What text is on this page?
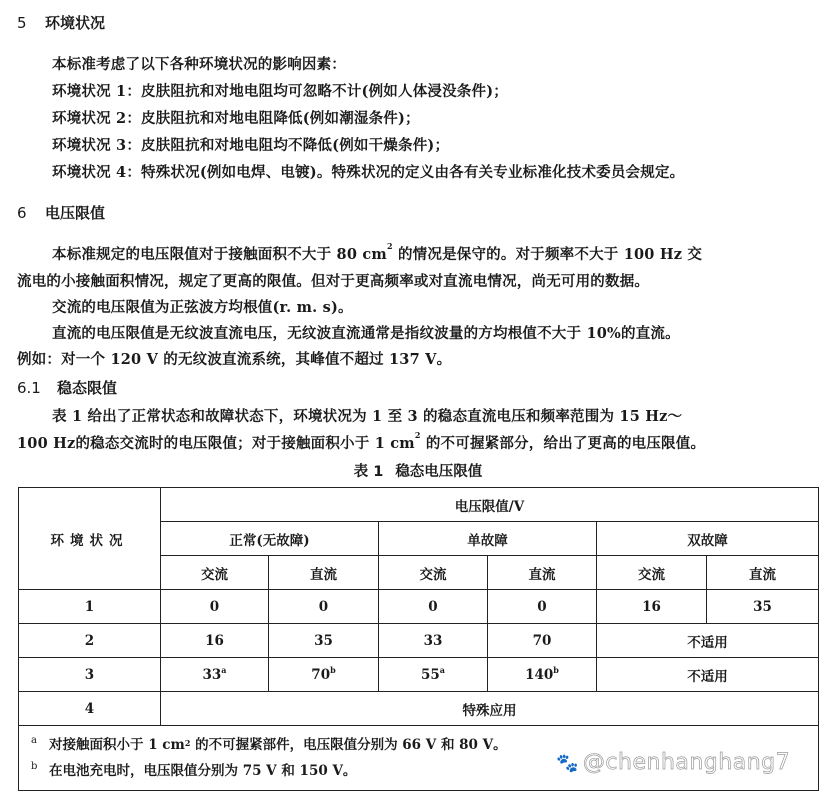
5 环境状况
本标准考虑了以下各种环境状况的影响因素：
环境状况 1：皮肤阻抗和对地电阻均可忽略不计(例如人体浸没条件)；
环境状况 2：皮肤阻抗和对地电阻降低(例如潮湿条件)；
环境状况 3：皮肤阻抗和对地电阻均不降低(例如干燥条件)；
环境状况 4：特殊状况(例如电焊、电镀)。特殊状况的定义由各有关专业标准化技术委员会规定。
6 电压限值
本标准规定的电压限值对于接触面积不大于 80 $cm^2$ 的情况是保守的。对于频率不大于 100 Hz 交
流电的小接触面积情况，规定了更高的限值。但对于更高频率或对直流电情况，尚无可用的数据。
交流的电压限值为正弦波方均根值(r. m. s)。
直流的电压限值是无纹波直流电压，无纹波直流通常是指纹波量的方均根值不大于 10%的直流。
例如：对一个 120 V 的无纹波直流系统，其峰值不超过 137 V。
6.1 稳态限值
表 1 给出了正常状态和故障状态下，环境状况为 1 至 3 的稳态直流电压和频率范围为 15 Hz～
100 Hz的稳态交流时的电压限值；对于接触面积小于 1 $cm^2$ 的不可握紧部分，给出了更高的电压限值。
表 1 稳态电压限值
环境状况	电压限值/V					
	正常(无故障)		单故障		双故障	
	交流	直流	交流	直流	交流	直流
1	0	0	0	0	16	35
2	16	35	33	70	不适用	
3	33$^a$	70$^b$	55$^a$	140$^b$	不适用	
4	特殊应用					

a 对接触面积小于 1 $cm^2$ 的不可握紧部件，电压限值分别为 66 V 和 80 V。
b 在电池充电时，电压限值分别为 75 V 和 150 V。							🐾 @chenhanghang7
